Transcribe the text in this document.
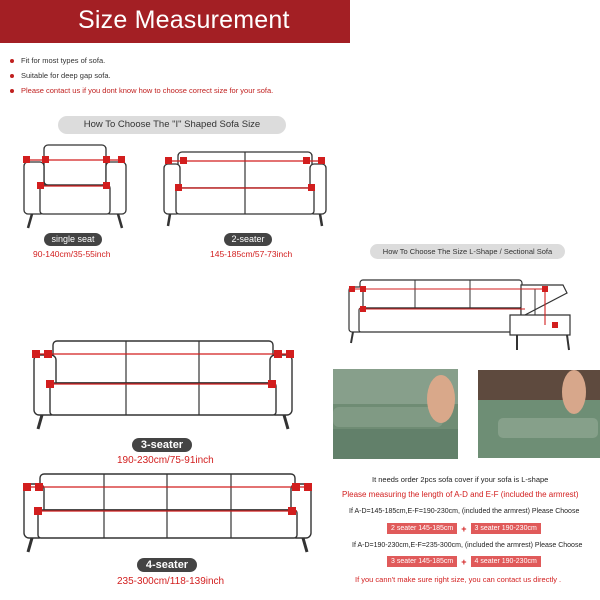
Size Measurement
Fit for most types of sofa.
Suitable for deep gap sofa.
Please contact us if you dont know how to choose correct size for your sofa.
How To Choose The "I" Shaped Sofa Size
single seat
90-140cm/35-55inch
2-seater
145-185cm/57-73inch	How To Choose The Size L-Shape / Sectional Sofa
It needs order 2pcs sofa cover if your sofa is L-shape
Please measuring the length of A-D and E-F (included the armrest)
If A-D=145-185cm,E-F=190-230cm, (included the armrest) Please Choose
2 seater 145-185cm +	3 seater 190-230cm
If A-D=190-230cm,E-F=235-300cm, (included the armrest) Please Choose
3 seater 145-185cm +	4 seater 190-230cm
If you cann't make sure right size, you can contact us directly .
3-seater
190-230cm/75-91inch
4-seater
235-300cm/118-139inch
